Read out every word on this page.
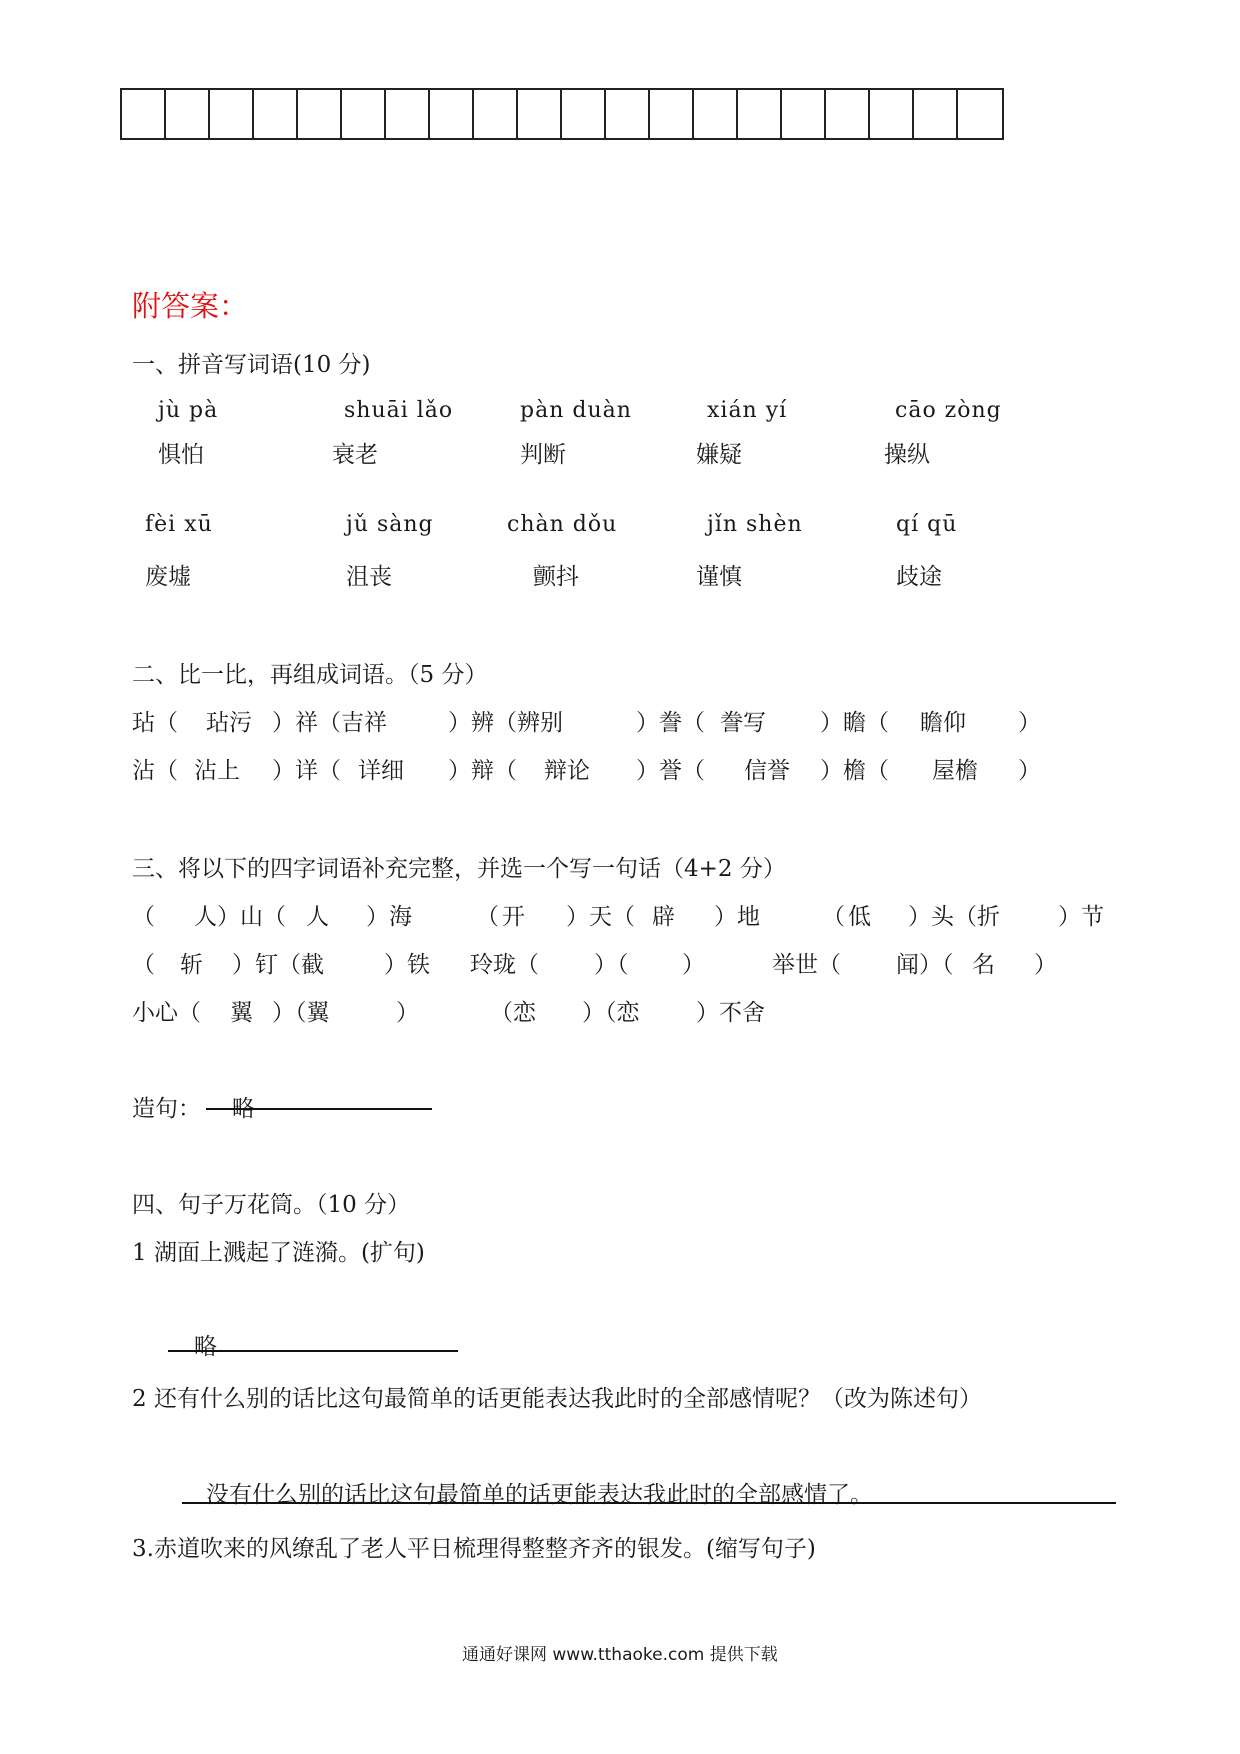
附答案：
一、拼音写词语(10 分)
jù pà	shuāi lǎo	pàn duàn	xián yí	cāo zòng
惧怕	衰老	判断	嫌疑	操纵
fèi xū	jǔ sàng	chàn dǒu	jǐn shèn	qí qū
废墟	沮丧	颤抖	谨慎	歧途
二、比一比，再组成词语。（5 分）
玷（ 玷污 ）祥（吉祥	）辨（辨别	）誊（ 誊写 ）瞻（ 瞻仰 ）
沾（ 沾上 ）详（ 详细 ）辩（ 辩论 ）誉（ 信誉 ）檐（ 屋檐 ）
三、将以下的四字词语补充完整，并选一个写一句话（4+2 分）
（ 人）山（ 人 ）海	（ 开 ）天（ 辟 ）地	（ 低 ）头（折	）节
（ 斩 ）钉（截	）铁 玲珑（ ）（ ）	举世（ 闻）（ 名 ）
小心（ 翼 ）（翼	）	（恋 ）（恋 ）不舍
造句： 略
四、句子万花筒。（10 分）
1 湖面上溅起了涟漪。(扩句)
略
2 还有什么别的话比这句最简单的话更能表达我此时的全部感情呢？（改为陈述句）
没有什么别的话比这句最简单的话更能表达我此时的全部感情了。
3.赤道吹来的风缭乱了老人平日梳理得整整齐齐的银发。(缩写句子)
通通好课网 www.tthaoke.com 提供下载
